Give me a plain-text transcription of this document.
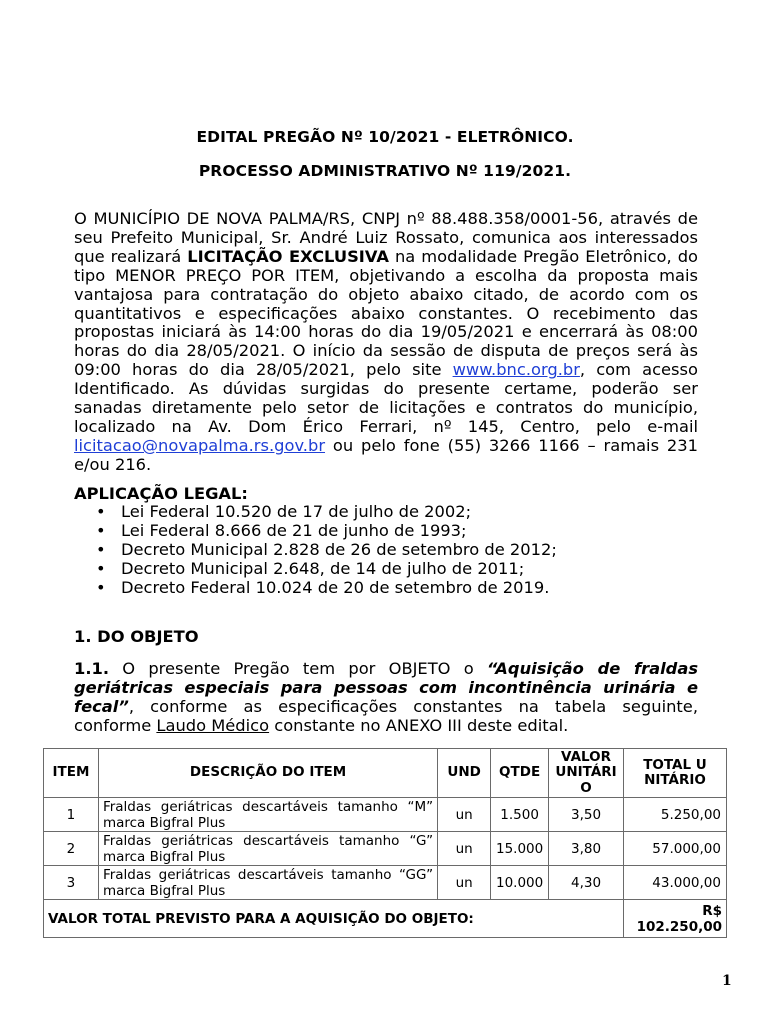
EDITAL PREGÃO Nº 10/2021 - ELETRÔNICO.
PROCESSO ADMINISTRATIVO Nº 119/2021.
O MUNICÍPIO DE NOVA PALMA/RS, CNPJ nº 88.488.358/0001-56, através de seu Prefeito Municipal, Sr. André Luiz Rossato, comunica aos interessados que realizará LICITAÇÃO EXCLUSIVA na modalidade Pregão Eletrônico, do tipo MENOR PREÇO POR ITEM, objetivando a escolha da proposta mais vantajosa para contratação do objeto abaixo citado, de acordo com os quantitativos e especificações abaixo constantes. O recebimento das propostas iniciará às 14:00 horas do dia 19/05/2021 e encerrará às 08:00 horas do dia 28/05/2021. O início da sessão de disputa de preços será às 09:00 horas do dia 28/05/2021, pelo site www.bnc.org.br, com acesso Identificado. As dúvidas surgidas do presente certame, poderão ser sanadas diretamente pelo setor de licitações e contratos do município, localizado na Av. Dom Érico Ferrari, nº 145, Centro, pelo e-mail licitacao@novapalma.rs.gov.br ou pelo fone (55) 3266 1166 – ramais 231 e/ou 216.
APLICAÇÃO LEGAL:
• Lei Federal 10.520 de 17 de julho de 2002;
• Lei Federal 8.666 de 21 de junho de 1993;
• Decreto Municipal 2.828 de 26 de setembro de 2012;
• Decreto Municipal 2.648, de 14 de julho de 2011;
• Decreto Federal 10.024 de 20 de setembro de 2019.
1. DO OBJETO
1.1. O presente Pregão tem por OBJETO o “Aquisição de fraldas geriátricas especiais para pessoas com incontinência urinária e fecal”, conforme as especificações constantes na tabela seguinte, conforme Laudo Médico constante no ANEXO III deste edital.
ITEM	DESCRIÇÃO DO ITEM	UND	QTDE	VALOR UNITÁRIO	TOTAL UNITÁRIO
1	Fraldas geriátricas descartáveis tamanho “M” marca Bigfral Plus	un	1.500	3,50	5.250,00
2	Fraldas geriátricas descartáveis tamanho “G” marca Bigfral Plus	un	15.000	3,80	57.000,00
3	Fraldas geriátricas descartáveis tamanho “GG” marca Bigfral Plus	un	10.000	4,30	43.000,00
VALOR TOTAL PREVISTO PARA A AQUISIÇÃO DO OBJETO:					R$ 102.250,00
1
